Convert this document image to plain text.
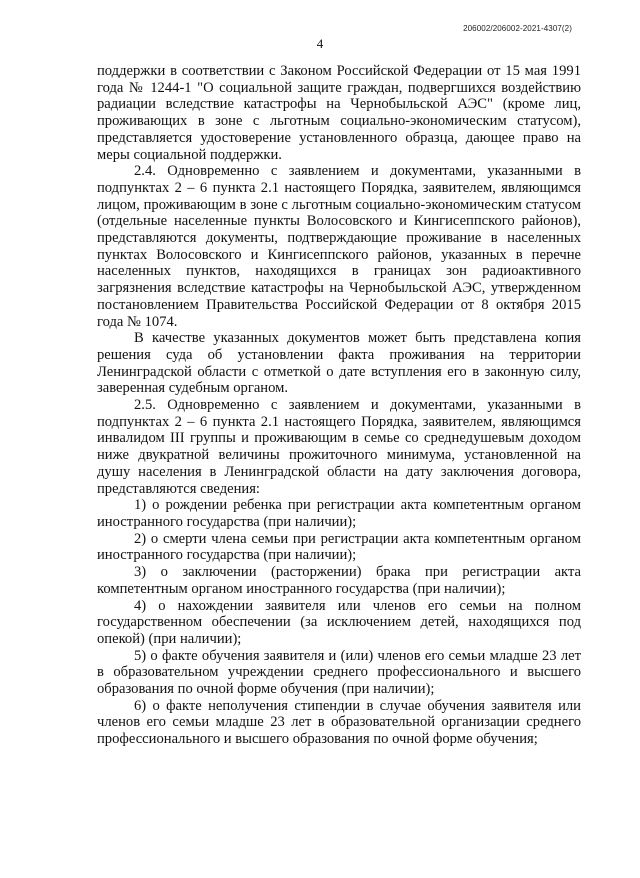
206002/206002-2021-4307(2)
4

поддержки в соответствии с Законом Российской Федерации от 15 мая 1991 года № 1244-1 "О социальной защите граждан, подвергшихся воздействию радиации вследствие катастрофы на Чернобыльской АЭС" (кроме лиц, проживающих в зоне с льготным социально-экономическим статусом), представляется удостоверение установленного образца, дающее право на меры социальной поддержки.

2.4. Одновременно с заявлением и документами, указанными в подпунктах 2 – 6 пункта 2.1 настоящего Порядка, заявителем, являющимся лицом, проживающим в зоне с льготным социально-экономическим статусом (отдельные населенные пункты Волосовского и Кингисеппского районов), представляются документы, подтверждающие проживание в населенных пунктах Волосовского и Кингисеппского районов, указанных в перечне населенных пунктов, находящихся в границах зон радиоактивного загрязнения вследствие катастрофы на Чернобыльской АЭС, утвержденном постановлением Правительства Российской Федерации от 8 октября 2015 года № 1074.

В качестве указанных документов может быть представлена копия решения суда об установлении факта проживания на территории Ленинградской области с отметкой о дате вступления его в законную силу, заверенная судебным органом.

2.5. Одновременно с заявлением и документами, указанными в подпунктах 2 – 6 пункта 2.1 настоящего Порядка, заявителем, являющимся инвалидом III группы и проживающим в семье со среднедушевым доходом ниже двукратной величины прожиточного минимума, установленной на душу населения в Ленинградской области на дату заключения договора, представляются сведения:

1) о рождении ребенка при регистрации акта компетентным органом иностранного государства (при наличии);

2) о смерти члена семьи при регистрации акта компетентным органом иностранного государства (при наличии);

3) о заключении (расторжении) брака при регистрации акта компетентным органом иностранного государства (при наличии);

4) о нахождении заявителя или членов его семьи на полном государственном обеспечении (за исключением детей, находящихся под опекой) (при наличии);

5) о факте обучения заявителя и (или) членов его семьи младше 23 лет в образовательном учреждении среднего профессионального и высшего образования по очной форме обучения (при наличии);

6) о факте неполучения стипендии в случае обучения заявителя или членов его семьи младше 23 лет в образовательной организации среднего профессионального и высшего образования по очной форме обучения;
